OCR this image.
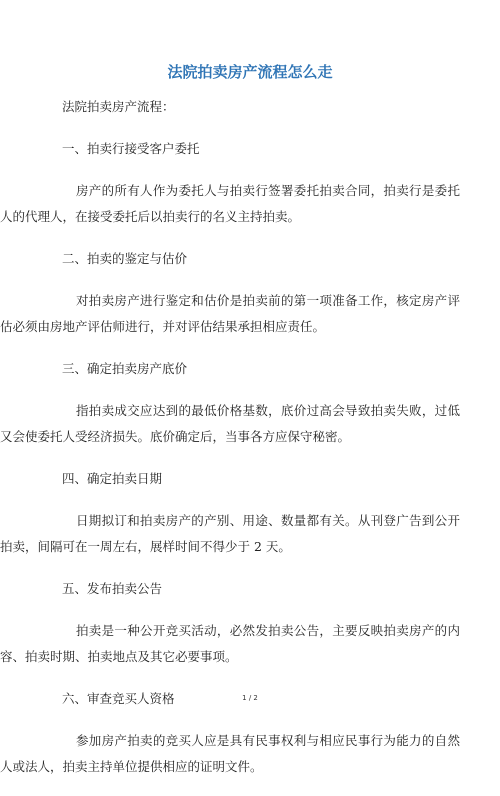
法院拍卖房产流程怎么走
法院拍卖房产流程：
一、拍卖行接受客户委托
房产的所有人作为委托人与拍卖行签署委托拍卖合同，拍卖行是委托人的代理人，在接受委托后以拍卖行的名义主持拍卖。
二、拍卖的鉴定与估价
对拍卖房产进行鉴定和估价是拍卖前的第一项准备工作，核定房产评估必须由房地产评估师进行，并对评估结果承担相应责任。
三、确定拍卖房产底价
指拍卖成交应达到的最低价格基数，底价过高会导致拍卖失败，过低又会使委托人受经济损失。底价确定后，当事各方应保守秘密。
四、确定拍卖日期
日期拟订和拍卖房产的产别、用途、数量都有关。从刊登广告到公开拍卖，间隔可在一周左右，展样时间不得少于 2 天。
五、发布拍卖公告
拍卖是一种公开竞买活动，必然发拍卖公告，主要反映拍卖房产的内容、拍卖时期、拍卖地点及其它必要事项。
六、审查竞买人资格
参加房产拍卖的竞买人应是具有民事权利与相应民事行为能力的自然人或法人，拍卖主持单位提供相应的证明文件。
1 / 2
